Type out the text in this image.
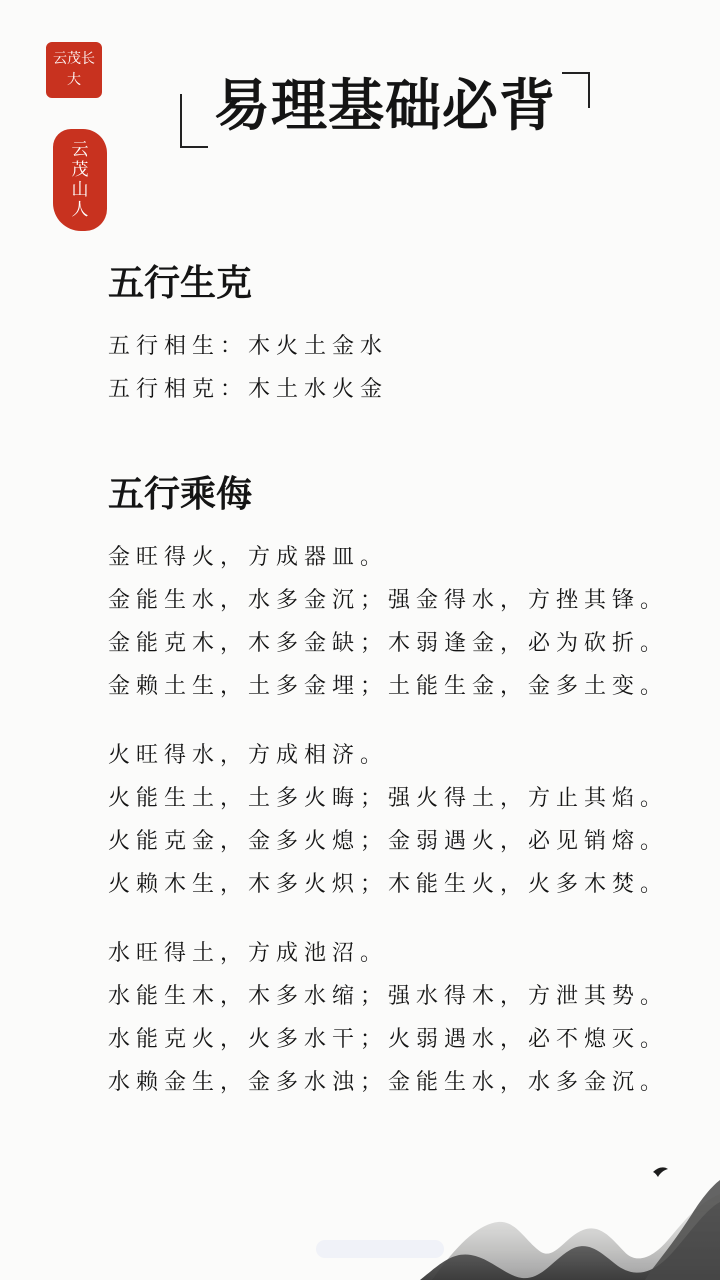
云茂长大
云茂山人
易理基础必背
五行生克
五行相生：木火土金水
五行相克：木土水火金
五行乘侮
金旺得火，方成器皿。
金能生水，水多金沉；强金得水，方挫其锋。
金能克木，木多金缺；木弱逢金，必为砍折。
金赖土生，土多金埋；土能生金，金多土变。
火旺得水，方成相济。
火能生土，土多火晦；强火得土，方止其焰。
火能克金，金多火熄；金弱遇火，必见销熔。
火赖木生，木多火炽；木能生火，火多木焚。
水旺得土，方成池沼。
水能生木，木多水缩；强水得木，方泄其势。
水能克火，火多水干；火弱遇水，必不熄灭。
水赖金生，金多水浊；金能生水，水多金沉。
